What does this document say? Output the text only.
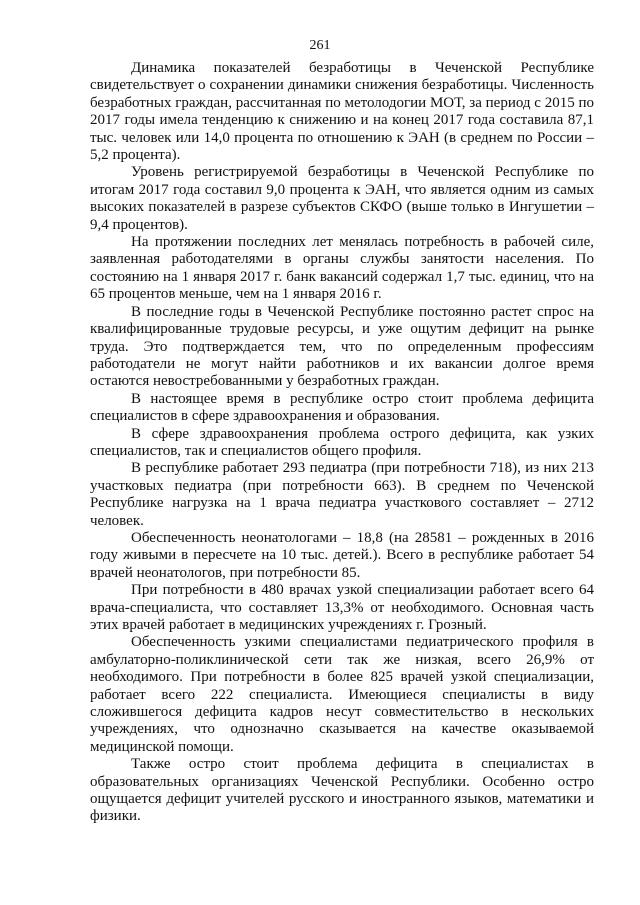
261

Динамика показателей безработицы в Чеченской Республике свидетельствует о сохранении динамики снижения безработицы. Численность безработных граждан, рассчитанная по метолодогии МОТ, за период с 2015 по 2017 годы имела тенденцию к снижению и на конец 2017 года составила 87,1 тыс. человек или 14,0 процента по отношению к ЭАН (в среднем по России – 5,2 процента).

Уровень регистрируемой безработицы в Чеченской Республике по итогам 2017 года составил 9,0 процента к ЭАН, что является одним из самых высоких показателей в разрезе субъектов СКФО (выше только в Ингушетии – 9,4 процентов).

На протяжении последних лет менялась потребность в рабочей силе, заявленная работодателями в органы службы занятости населения. По состоянию на 1 января 2017 г. банк вакансий содержал 1,7 тыс. единиц, что на 65 процентов меньше, чем на 1 января 2016 г.

В последние годы в Чеченской Республике постоянно растет спрос на квалифицированные трудовые ресурсы, и уже ощутим дефицит на рынке труда. Это подтверждается тем, что по определенным профессиям работодатели не могут найти работников и их вакансии долгое время остаются невостребованными у безработных граждан.

В настоящее время в республике остро стоит проблема дефицита специалистов в сфере здравоохранения и образования.

В сфере здравоохранения проблема острого дефицита, как узких специалистов, так и специалистов общего профиля.

В республике работает 293 педиатра (при потребности 718), из них 213 участковых педиатра (при потребности 663). В среднем по Чеченской Республике нагрузка на 1 врача педиатра участкового составляет – 2712 человек.

Обеспеченность неонатологами – 18,8 (на 28581 – рожденных в 2016 году живыми в пересчете на 10 тыс. детей.). Всего в республике работает 54 врачей неонатологов, при потребности 85.

При потребности в 480 врачах узкой специализации работает всего 64 врача-специалиста, что составляет 13,3% от необходимого. Основная часть этих врачей работает в медицинских учреждениях г. Грозный.

Обеспеченность узкими специалистами педиатрического профиля в амбулаторно-поликлинической сети так же низкая, всего 26,9% от необходимого. При потребности в более 825 врачей узкой специализации, работает всего 222 специалиста. Имеющиеся специалисты в виду сложившегося дефицита кадров несут совместительство в нескольких учреждениях, что однозначно сказывается на качестве оказываемой медицинской помощи.

Также остро стоит проблема дефицита в специалистах в образовательных организациях Чеченской Республики. Особенно остро ощущается дефицит учителей русского и иностранного языков, математики и физики.
